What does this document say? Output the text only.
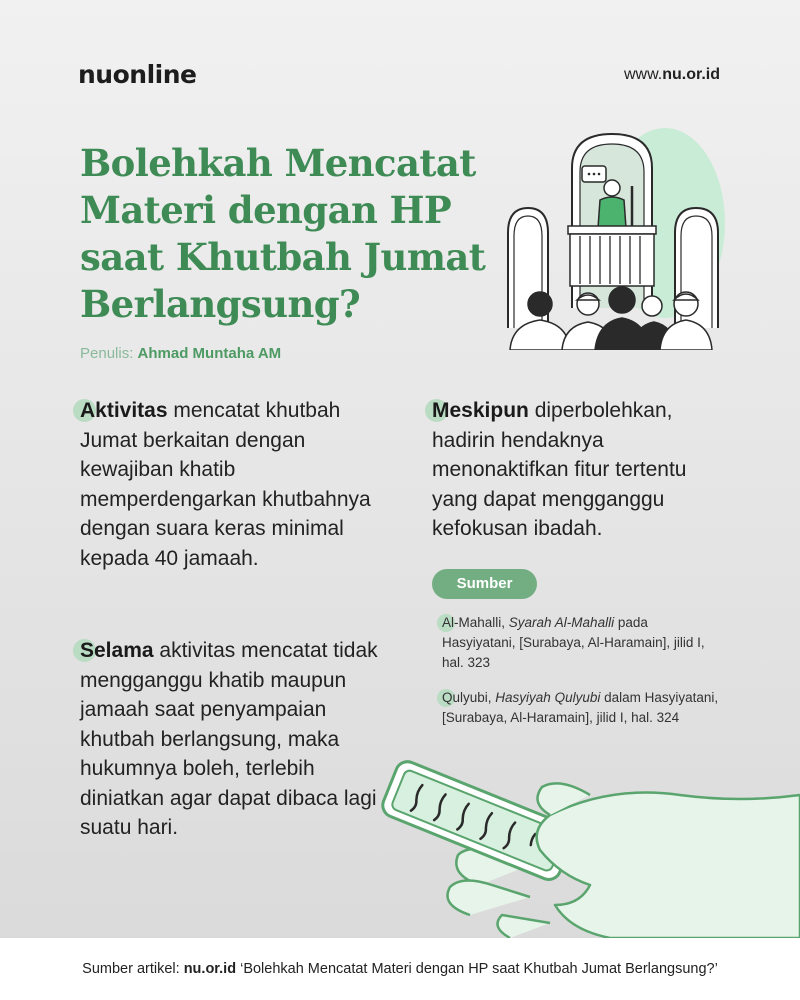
nuonline	www.nu.or.id
Bolehkah Mencatat Materi dengan HP saat Khutbah Jumat Berlangsung?
Penulis: Ahmad Muntaha AM
Aktivitas mencatat khutbah Jumat berkaitan dengan kewajiban khatib memperdengarkan khutbahnya dengan suara keras minimal kepada 40 jamaah.
Selama aktivitas mencatat tidak mengganggu khatib maupun jamaah saat penyampaian khutbah berlangsung, maka hukumnya boleh, terlebih diniatkan agar dapat dibaca lagi suatu hari.
Meskipun diperbolehkan, hadirin hendaknya menonaktifkan fitur tertentu yang dapat mengganggu kefokusan ibadah.
Sumber
Al-Mahalli, Syarah Al-Mahalli pada Hasyiyatani, [Surabaya, Al-Haramain], jilid I, hal. 323
Qulyubi, Hasyiyah Qulyubi dalam Hasyiyatani, [Surabaya, Al-Haramain], jilid I, hal. 324
Sumber artikel: nu.or.id ‘Bolehkah Mencatat Materi dengan HP saat Khutbah Jumat Berlangsung?’
